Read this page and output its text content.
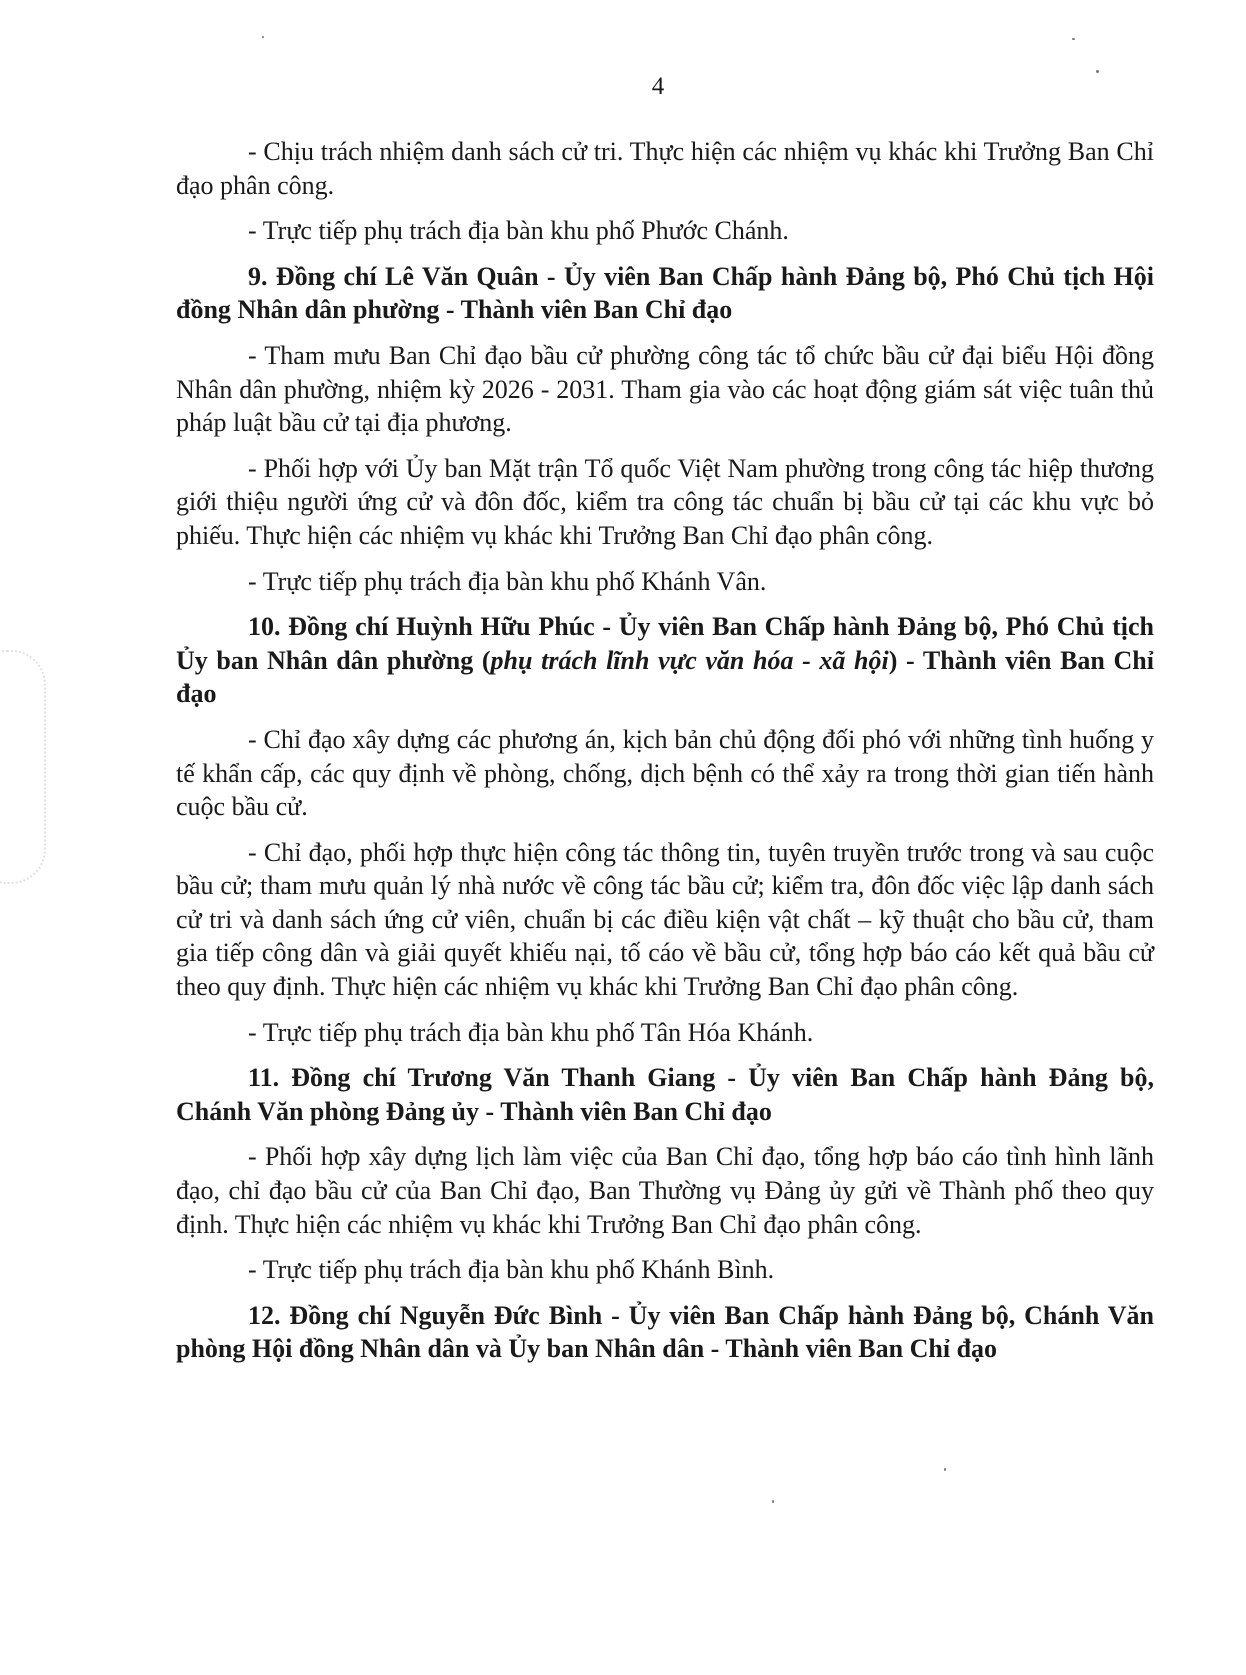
4

- Chịu trách nhiệm danh sách cử tri. Thực hiện các nhiệm vụ khác khi Trưởng Ban Chỉ đạo phân công.

- Trực tiếp phụ trách địa bàn khu phố Phước Chánh.

9. Đồng chí Lê Văn Quân - Ủy viên Ban Chấp hành Đảng bộ, Phó Chủ tịch Hội đồng Nhân dân phường - Thành viên Ban Chỉ đạo

- Tham mưu Ban Chỉ đạo bầu cử phường công tác tổ chức bầu cử đại biểu Hội đồng Nhân dân phường, nhiệm kỳ 2026 - 2031. Tham gia vào các hoạt động giám sát việc tuân thủ pháp luật bầu cử tại địa phương.

- Phối hợp với Ủy ban Mặt trận Tổ quốc Việt Nam phường trong công tác hiệp thương giới thiệu người ứng cử và đôn đốc, kiểm tra công tác chuẩn bị bầu cử tại các khu vực bỏ phiếu. Thực hiện các nhiệm vụ khác khi Trưởng Ban Chỉ đạo phân công.

- Trực tiếp phụ trách địa bàn khu phố Khánh Vân.

10. Đồng chí Huỳnh Hữu Phúc - Ủy viên Ban Chấp hành Đảng bộ, Phó Chủ tịch Ủy ban Nhân dân phường (phụ trách lĩnh vực văn hóa - xã hội) - Thành viên Ban Chỉ đạo

- Chỉ đạo xây dựng các phương án, kịch bản chủ động đối phó với những tình huống y tế khẩn cấp, các quy định về phòng, chống, dịch bệnh có thể xảy ra trong thời gian tiến hành cuộc bầu cử.

- Chỉ đạo, phối hợp thực hiện công tác thông tin, tuyên truyền trước trong và sau cuộc bầu cử; tham mưu quản lý nhà nước về công tác bầu cử; kiểm tra, đôn đốc việc lập danh sách cử tri và danh sách ứng cử viên, chuẩn bị các điều kiện vật chất – kỹ thuật cho bầu cử, tham gia tiếp công dân và giải quyết khiếu nại, tố cáo về bầu cử, tổng hợp báo cáo kết quả bầu cử theo quy định. Thực hiện các nhiệm vụ khác khi Trưởng Ban Chỉ đạo phân công.

- Trực tiếp phụ trách địa bàn khu phố Tân Hóa Khánh.

11. Đồng chí Trương Văn Thanh Giang - Ủy viên Ban Chấp hành Đảng bộ, Chánh Văn phòng Đảng ủy - Thành viên Ban Chỉ đạo

- Phối hợp xây dựng lịch làm việc của Ban Chỉ đạo, tổng hợp báo cáo tình hình lãnh đạo, chỉ đạo bầu cử của Ban Chỉ đạo, Ban Thường vụ Đảng ủy gửi về Thành phố theo quy định. Thực hiện các nhiệm vụ khác khi Trưởng Ban Chỉ đạo phân công.

- Trực tiếp phụ trách địa bàn khu phố Khánh Bình.

12. Đồng chí Nguyễn Đức Bình - Ủy viên Ban Chấp hành Đảng bộ, Chánh Văn phòng Hội đồng Nhân dân và Ủy ban Nhân dân - Thành viên Ban Chỉ đạo
